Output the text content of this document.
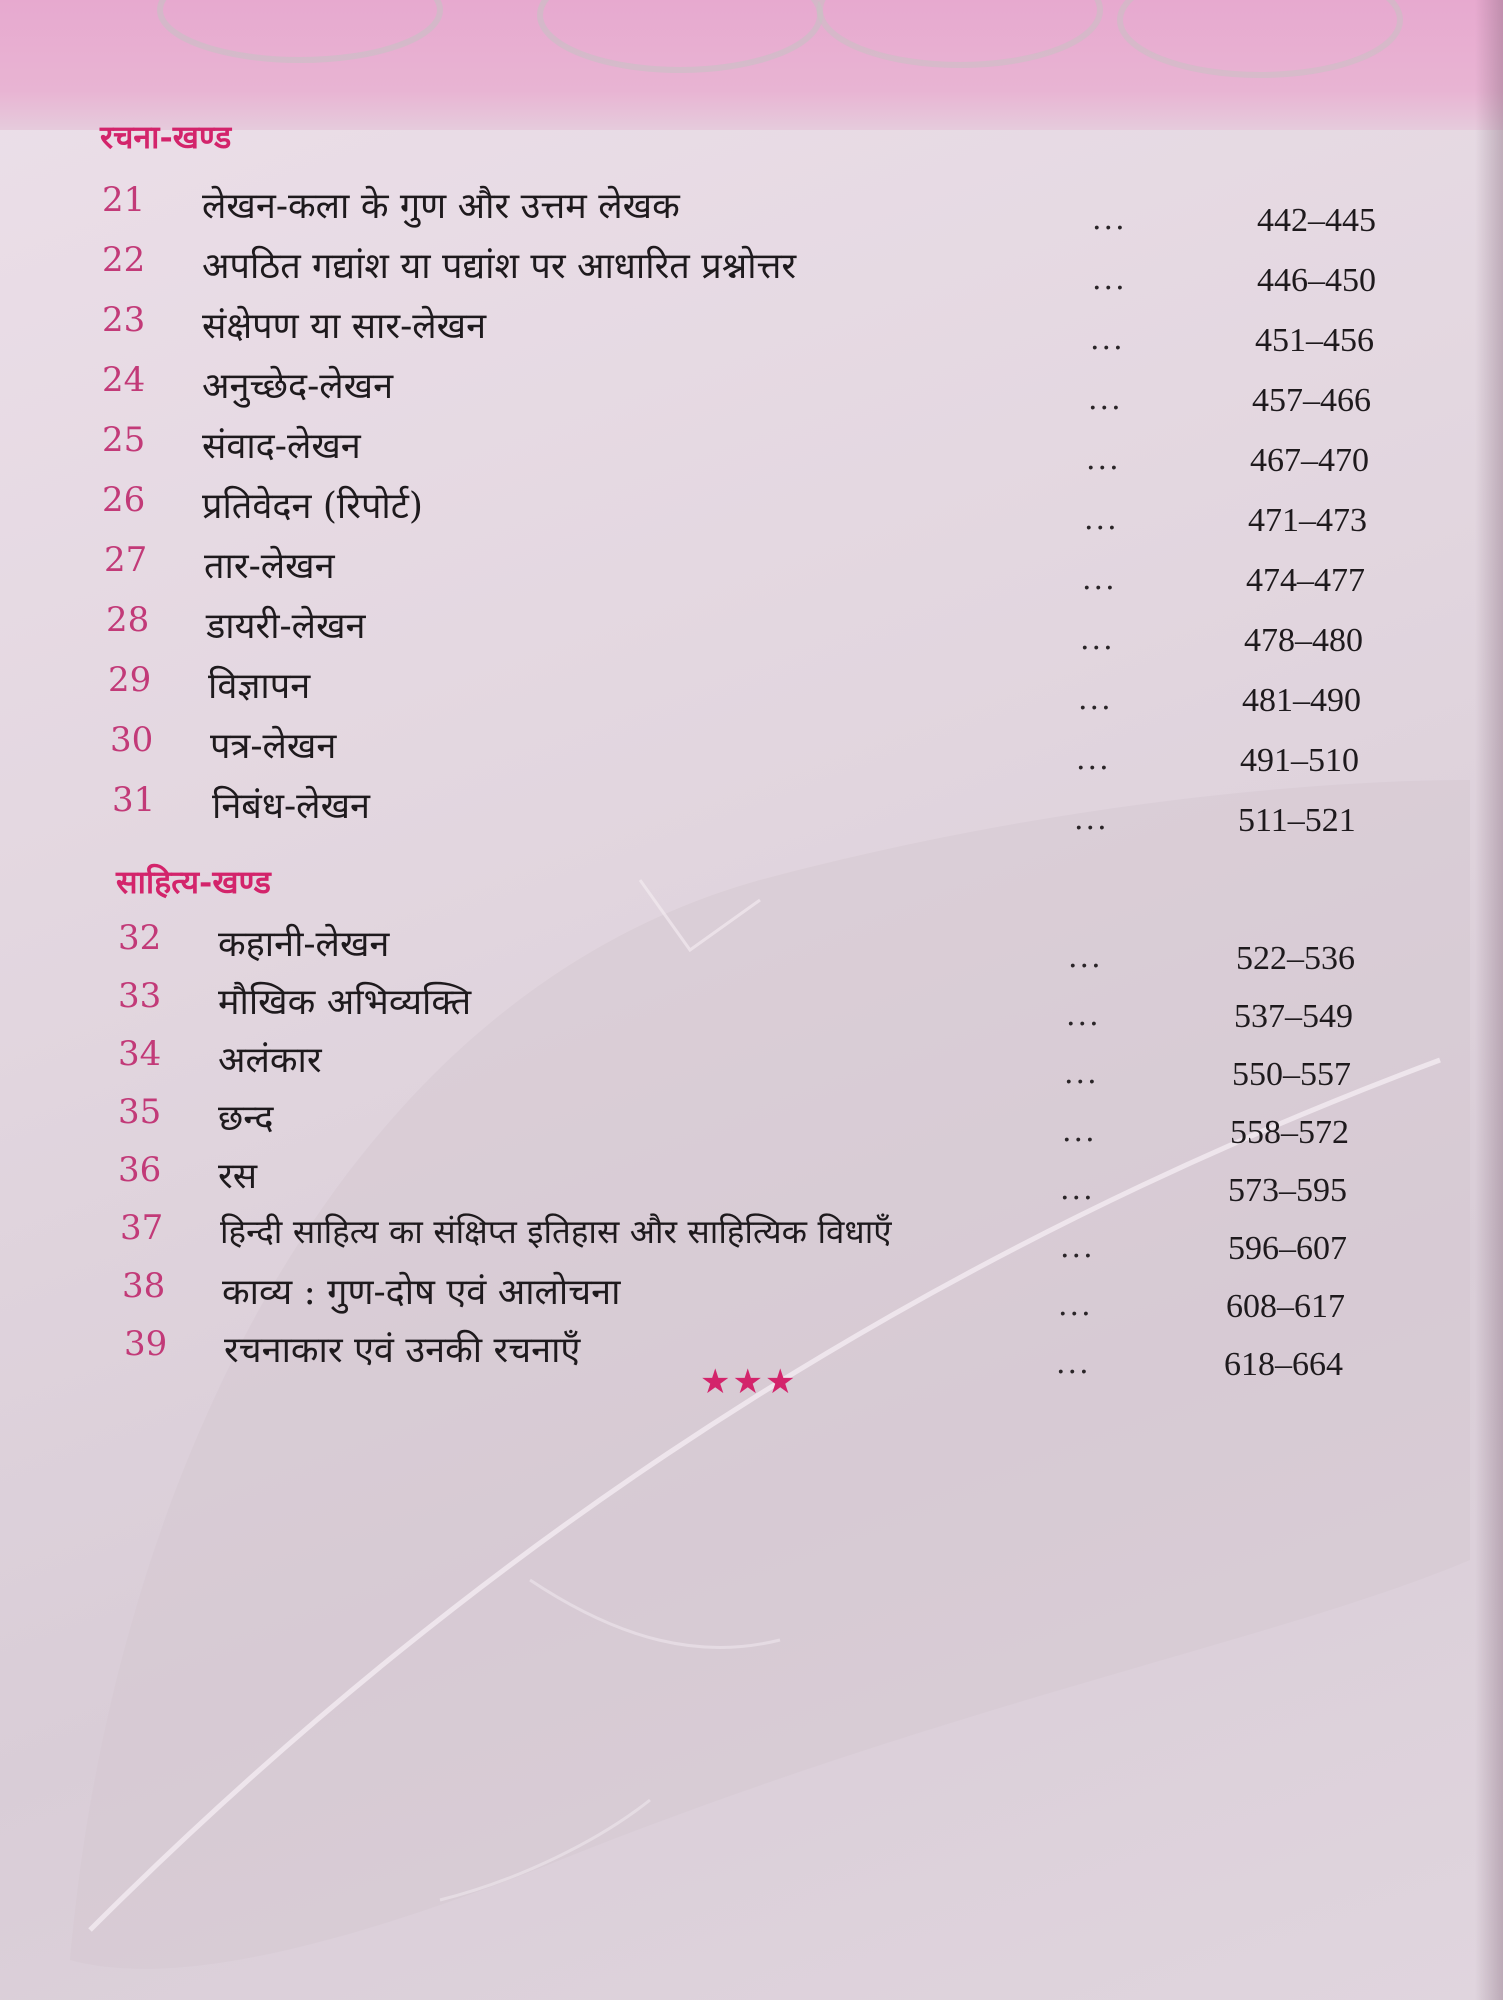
रचना-खण्ड
21 लेखन-कला के गुण और उत्तम लेखक	...	442–445
22 अपठित गद्यांश या पद्यांश पर आधारित प्रश्नोत्तर	...	446–450
23 संक्षेपण या सार-लेखन	...	451–456
24 अनुच्छेद-लेखन	...	457–466
25 संवाद-लेखन	...	467–470
26 प्रतिवेदन (रिपोर्ट)	...	471–473
27 तार-लेखन	...	474–477
28 डायरी-लेखन	...	478–480
29 विज्ञापन	...	481–490
30 पत्र-लेखन	...	491–510
31 निबंध-लेखन	...	511–521
साहित्य-खण्ड
32 कहानी-लेखन	...	522–536
33 मौखिक अभिव्यक्ति	...	537–549
34 अलंकार	...	550–557
35 छन्द	...	558–572
36 रस	...	573–595
37 हिन्दी साहित्य का संक्षिप्त इतिहास और साहित्यिक विधाएँ	...	596–607
38 काव्य : गुण-दोष एवं आलोचना	...	608–617
39 रचनाकार एवं उनकी रचनाएँ	...	618–664
★★★
